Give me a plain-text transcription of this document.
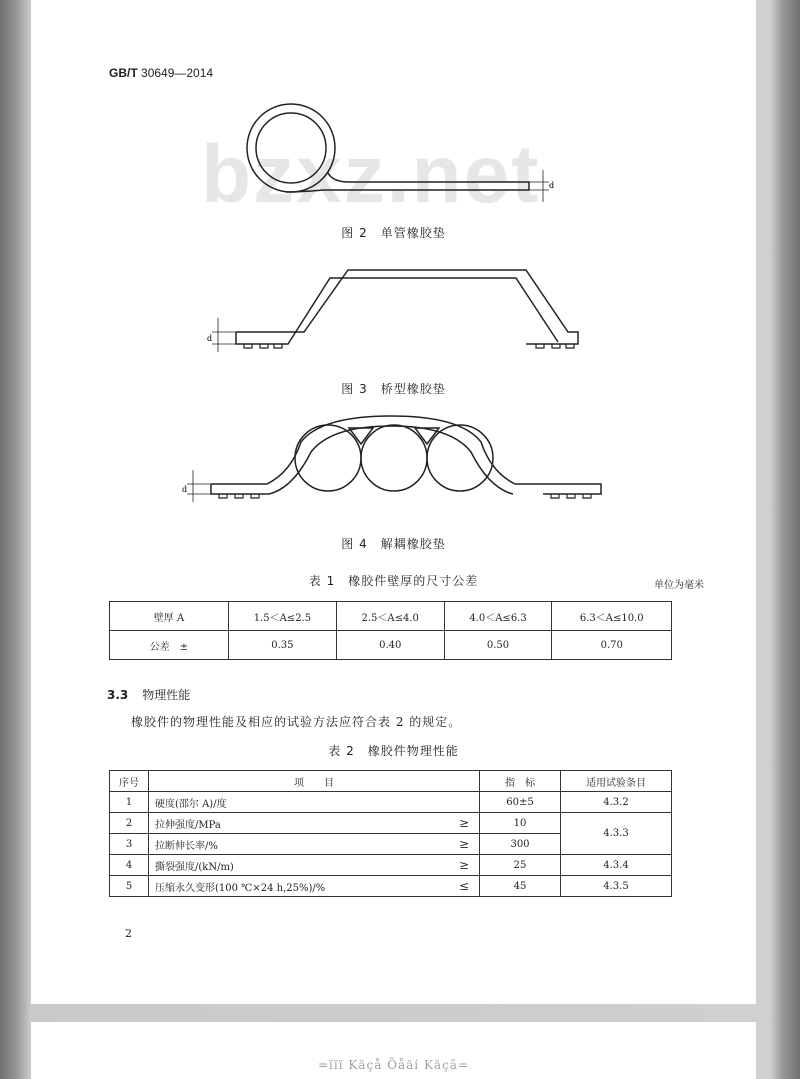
GB/T 30649—2014
bzxz.net d
图 2　单管橡胶垫
d
图 3　桥型橡胶垫
d
图 4　解耦橡胶垫
表 1　橡胶件壁厚的尺寸公差	单位为毫米
壁厚 A	1.5＜A≤2.5	2.5＜A≤4.0	4.0＜A≤6.3	6.3＜A≤10.0
公差　±	0.35	0.40	0.50	0.70
3.3 物理性能
橡胶件的物理性能及相应的试验方法应符合表 2 的规定。
表 2　橡胶件物理性能
序号	项　　目	指　标	适用试验条目
1	硬度(邵尔 A)/度	60±5	4.3.2
2	拉伸强度/MPa ≥	10	4.3.3
3	拉断伸长率/% ≥	300	
4	撕裂强度/(kN/m) ≥	25	4.3.4
5	压缩永久变形(100 ℃×24 h,25%)/% ≤	45	4.3.5
2
=ïïï Käçå Õåäí Käçã=
